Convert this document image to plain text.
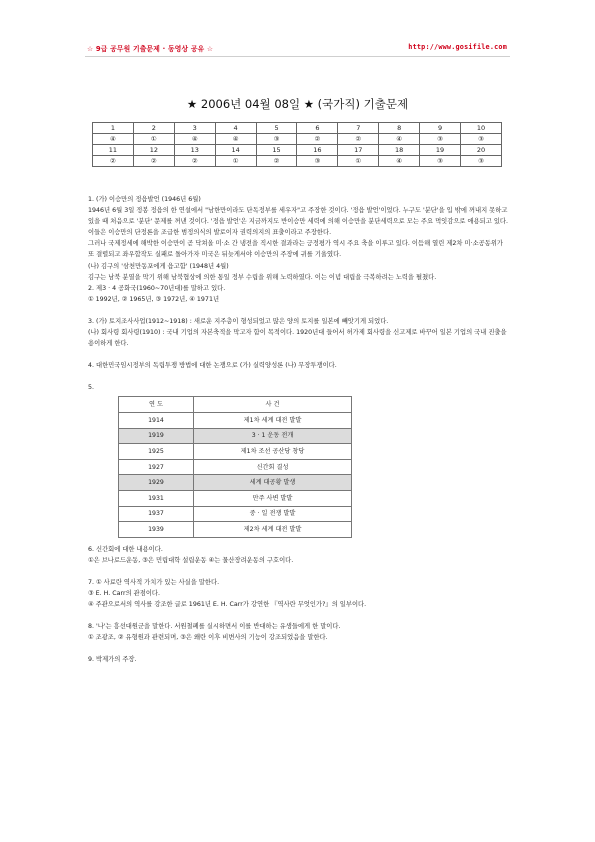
☆ 9급 공무원 기출문제 · 동영상 공유 ☆	http://www.gosifile.com
★ 2006년 04월 08일 ★ (국가직) 기출문제
1	2	3	4	5	6	7	8	9	10
④	①	④	④	③	②	②	④	③	③
11	12	13	14	15	16	17	18	19	20
②	②	②	①	②	③	①	④	③	③

1. (가) 이승만의 정읍발언 (1946년 6월)

1946년 6월 3일 정봉 정읍의 한 연설에서 "남한만이라도 단독정부를 세우자"고 주장한 것이다. '정읍 발언'이었다. 누구도 '분단'을 입 밖에 꺼내지 못하고 있을 때 처음으로 '분단' 문제를 꺼낸 것이다. '정읍 발언'은 지금까지도 반이승만 세력에 의해 이승만을 분단세력으로 모는 주요 먹잇감으로 애용되고 있다. 이들은 이승만의 단정론을 조급한 범정의식의 발로이자 권력의지의 표출이라고 주장한다.

그러나 국제정세에 해박한 이승만이 곧 닥쳐올 미·소 간 냉전을 직시한 결과라는 긍정평가 역시 주요 축을 이루고 있다. 이듬해 열린 제2차 미·소공동위가 또 결렬되고 좌우합작도 실패로 돌아가자 미국은 뒤늦게서야 이승만의 주장에 귀를 기울였다.

(나) 김구의 '삼천만동포에게 읍고함' (1948년 4월)

김구는 남북 분열을 막기 위해 남북협상에 의한 통일 정부 수립을 위해 노력하였다. 이는 이념 대립을 극복하려는 노력을 펼쳤다.

2. 제3 · 4 공화국(1960~70년대)를 말하고 있다.

① 1992년, ② 1965년, ③ 1972년, ④ 1971년

3. (가) 토지조사사업(1912~1918) : 새로운 지주층이 형성되었고 많은 양의 토지를 일본에 빼앗기게 되었다.

(나) 회사령 회사령(1910) : 국내 기업의 자본축적을 막고자 함이 목적이다. 1920년대 들어서 허가제 회사령을 신고제로 바꾸어 일본 기업의 국내 진출을 용이하게 한다.

4. 대한민국임시정부의 독립투쟁 방법에 대한 논쟁으로 (가) 실력양성론 (나) 무장투쟁이다.

5.

연 도	사 건
1914	제1차 세계 대전 발발
1919	3 · 1 운동 전개
1925	제1차 조선 공산당 창당
1927	신간회 결성
1929	세계 대공황 발생
1931	만주 사변 발발
1937	중 · 일 전쟁 발발
1939	제2차 세계 대전 발발

6. 신간회에 대한 내용이다.

①은 브나로드운동, ③은 민립대학 설립운동 ④는 물산장려운동의 구호이다.

7. ① 사료란 역사적 가치가 있는 사실을 말한다.

③ E. H. Carr의 관점이다.

④ 주관으로서의 역사를 강조한 글로 1961년 E. H. Carr가 강연한 『역사란 무엇인가?』의 일부이다.

8. '나'는 흥선대원군을 말한다. 서원철폐를 실시하면서 이를 반대하는 유생들에게 한 말이다.

① 조광조, ② 유형원과 관련되며, ③은 왜란 이후 비변사의 기능이 강조되었음을 말한다.

9. 박제가의 주장.
